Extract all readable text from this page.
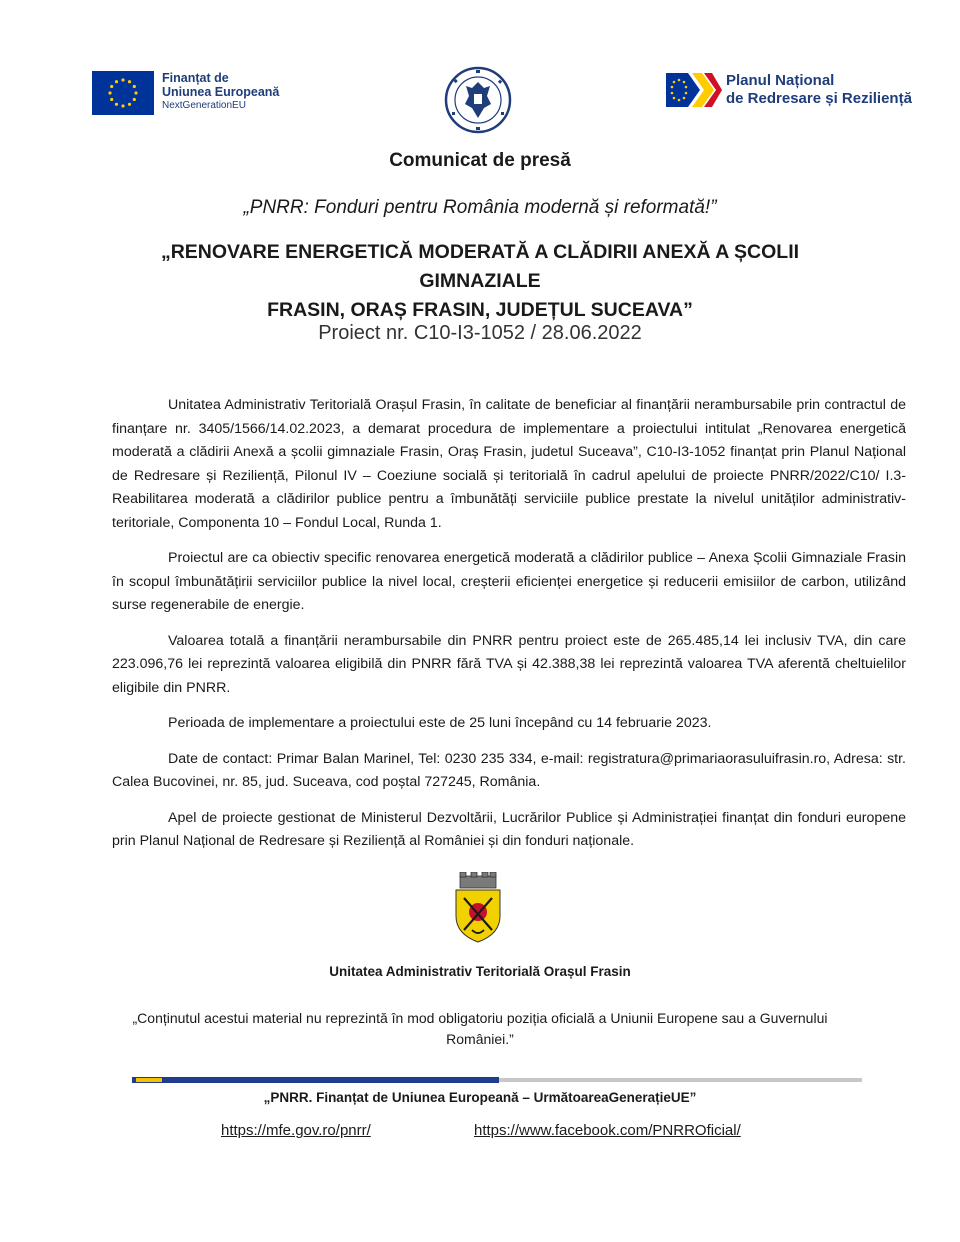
Finanțat de
Uniunea Europeană
NextGenerationEU
Planul Național
de Redresare și Reziliență
Comunicat de presă
„PNRR: Fonduri pentru România modernă și reformată!”
„RENOVARE ENERGETICĂ MODERATĂ A CLĂDIRII ANEXĂ A ȘCOLII GIMNAZIALE
FRASIN, ORAȘ FRASIN, JUDEȚUL SUCEAVA”
Proiect nr. C10-I3-1052 / 28.06.2022

Unitatea Administrativ Teritorială Orașul Frasin, în calitate de beneficiar al finanțării nerambursabile prin contractul de finanțare nr. 3405/1566/14.02.2023, a demarat procedura de implementare a proiectului intitulat „Renovarea energetică moderată a clădirii Anexă a școlii gimnaziale Frasin, Oraș Frasin, judetul Suceava”, C10-I3-1052 finanțat prin Planul Național de Redresare și Reziliență, Pilonul IV – Coeziune socială și teritorială în cadrul apelului de proiecte PNRR/2022/C10/ I.3- Reabilitarea moderată a clădirilor publice pentru a îmbunătăți serviciile publice prestate la nivelul unităților administrativ-teritoriale, Componenta 10 – Fondul Local, Runda 1.

Proiectul are ca obiectiv specific renovarea energetică moderată a clădirilor publice – Anexa Școlii Gimnaziale Frasin în scopul îmbunătățirii serviciilor publice la nivel local, creșterii eficienței energetice și reducerii emisiilor de carbon, utilizând surse regenerabile de energie.

Valoarea totală a finanțării nerambursabile din PNRR pentru proiect este de 265.485,14 lei inclusiv TVA, din care 223.096,76 lei reprezintă valoarea eligibilă din PNRR fără TVA și 42.388,38 lei reprezintă valoarea TVA aferentă cheltuielilor eligibile din PNRR.

Perioada de implementare a proiectului este de 25 luni începând cu 14 februarie 2023.

Date de contact: Primar Balan Marinel, Tel: 0230 235 334, e-mail: registratura@primariaorasuluifrasin.ro, Adresa: str. Calea Bucovinei, nr. 85, jud. Suceava, cod poștal 727245, România.

Apel de proiecte gestionat de Ministerul Dezvoltării, Lucrărilor Publice și Administrației finanțat din fonduri europene prin Planul Național de Redresare și Reziliență al României și din fonduri naționale.

Unitatea Administrativ Teritorială Orașul Frasin
„Conținutul acestui material nu reprezintă în mod obligatoriu poziția oficială a Uniunii Europene sau a Guvernului României.”
„PNRR. Finanțat de Uniunea Europeană – UrmătoareaGenerațieUE”
https://mfe.gov.ro/pnrr/	https://www.facebook.com/PNRROficial/
